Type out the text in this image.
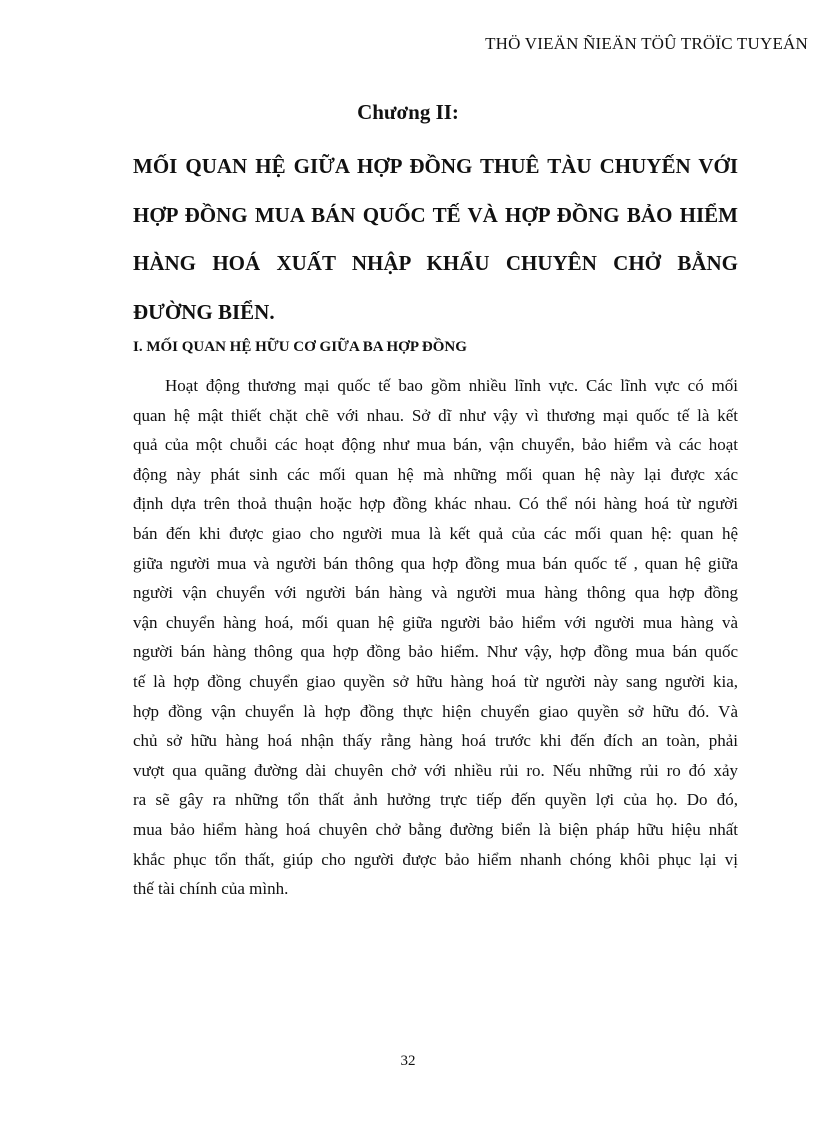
THÖ VIEÄN ÑIEÄN TÖÛ TRÖÏC TUYEÁN
Chương II:
MỐI QUAN HỆ GIỮA HỢP ĐỒNG THUÊ TÀU CHUYẾN VỚI
HỢP ĐỒNG MUA BÁN QUỐC TẾ VÀ HỢP ĐỒNG BẢO HIỂM
HÀNG HOÁ XUẤT NHẬP KHẨU CHUYÊN CHỞ BẰNG
ĐƯỜNG BIỂN.
I. MỐI QUAN HỆ HỮU CƠ GIỮA BA HỢP ĐỒNG
Hoạt động thương mại quốc tế bao gồm nhiều lĩnh vực. Các lĩnh vực có mối
quan hệ mật thiết chặt chẽ với nhau. Sở dĩ như vậy vì thương mại quốc tế là kết
quả của một chuỗi các hoạt động như mua bán, vận chuyển, bảo hiểm và các hoạt
động này phát sinh các mối quan hệ mà những mối quan hệ này lại được xác
định dựa trên thoả thuận hoặc hợp đồng khác nhau. Có thể nói hàng hoá từ người
bán đến khi được giao cho người mua là kết quả của các mối quan hệ: quan hệ
giữa người mua và người bán thông qua hợp đồng mua bán quốc tế , quan hệ giữa
người vận chuyển với người bán hàng và người mua hàng thông qua hợp đồng
vận chuyển hàng hoá, mối quan hệ giữa người bảo hiểm với người mua hàng và
người bán hàng thông qua hợp đồng bảo hiểm. Như vậy, hợp đồng mua bán quốc
tế là hợp đồng chuyển giao quyền sở hữu hàng hoá từ người này sang người kia,
hợp đồng vận chuyển là hợp đồng thực hiện chuyển giao quyền sở hữu đó. Và
chủ sở hữu hàng hoá nhận thấy rằng hàng hoá trước khi đến đích an toàn, phải
vượt qua quãng đường dài chuyên chở với nhiều rủi ro. Nếu những rủi ro đó xảy
ra sẽ gây ra những tổn thất ảnh hưởng trực tiếp đến quyền lợi của họ. Do đó,
mua bảo hiểm hàng hoá chuyên chở bằng đường biển là biện pháp hữu hiệu nhất
khắc phục tổn thất, giúp cho người được bảo hiểm nhanh chóng khôi phục lại vị
thế tài chính của mình.
32
